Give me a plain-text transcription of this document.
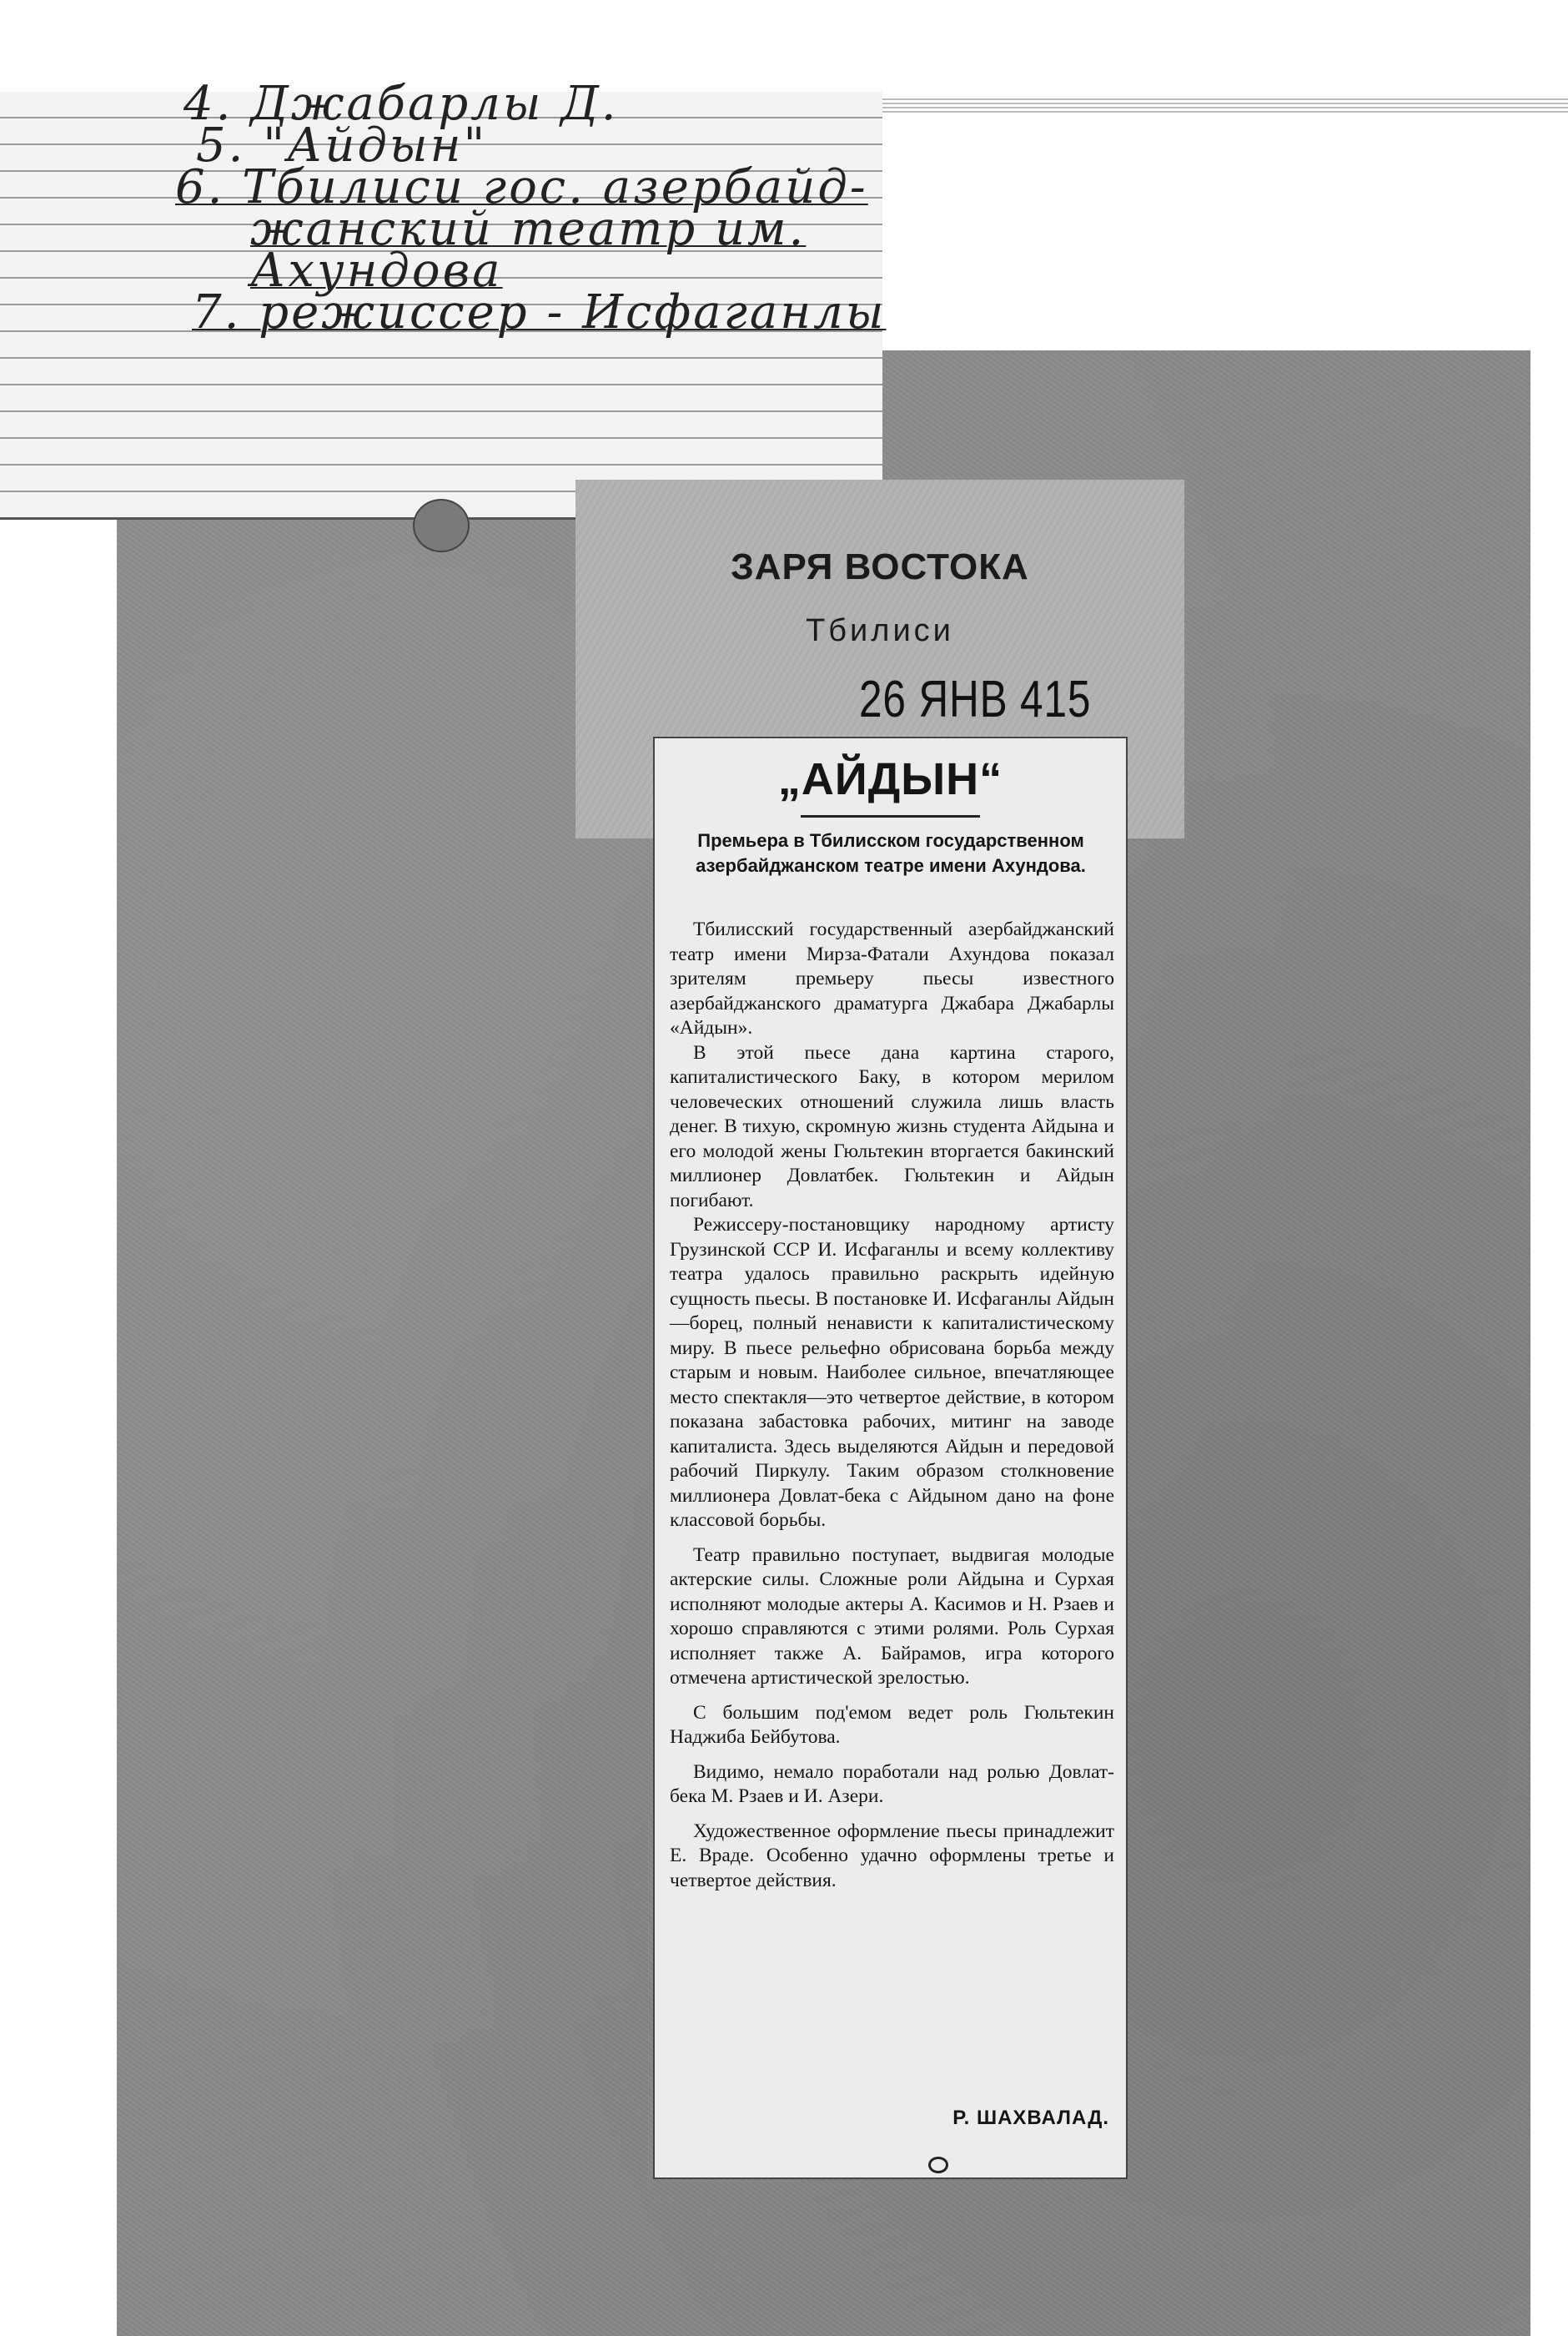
4. Джабарлы Д.
5. "Айдын"
6. Тбилиси гос. азербайд-
жанский театр им.
Ахундова
7. режиссер - Исфаганлы
ЗАРЯ ВОСТОКА
Тбилиси
26 ЯНВ 415
„АЙДЫН“
Премьера в Тбилисском государственном азербайджанском театре имени Ахундова.

Тбилисский государственный азербайджанский театр имени Мирза-Фатали Ахундова показал зрителям премьеру пьесы известного азербайджанского драматурга Джабара Джабарлы «Айдын».

В этой пьесе дана картина старого, капиталистического Баку, в котором мерилом человеческих отношений служила лишь власть денег. В тихую, скромную жизнь студента Айдына и его молодой жены Гюльтекин вторгается бакинский миллионер Довлатбек. Гюльтекин и Айдын погибают.

Режиссеру-постановщику народному артисту Грузинской ССР И. Исфаганлы и всему коллективу театра удалось правильно раскрыть идейную сущность пьесы. В постановке И. Исфаганлы Айдын—борец, полный ненависти к капиталистическому миру. В пьесе рельефно обрисована борьба между старым и новым. Наиболее сильное, впечатляющее место спектакля—это четвертое действие, в котором показана забастовка рабочих, митинг на заводе капиталиста. Здесь выделяются Айдын и передовой рабочий Пиркулу. Таким образом столкновение миллионера Довлат-бека с Айдыном дано на фоне классовой борьбы.

Театр правильно поступает, выдвигая молодые актерские силы. Сложные роли Айдына и Сурхая исполняют молодые актеры А. Касимов и Н. Рзаев и хорошо справляются с этими ролями. Роль Сурхая исполняет также А. Байрамов, игра которого отмечена артистической зрелостью.

С большим под'емом ведет роль Гюльтекин Наджиба Бейбутова.

Видимо, немало поработали над ролью Довлат-бека М. Рзаев и И. Азери.

Художественное оформление пьесы принадлежит Е. Враде. Особенно удачно оформлены третье и четвертое действия.

Р. ШАХВАЛАД.
